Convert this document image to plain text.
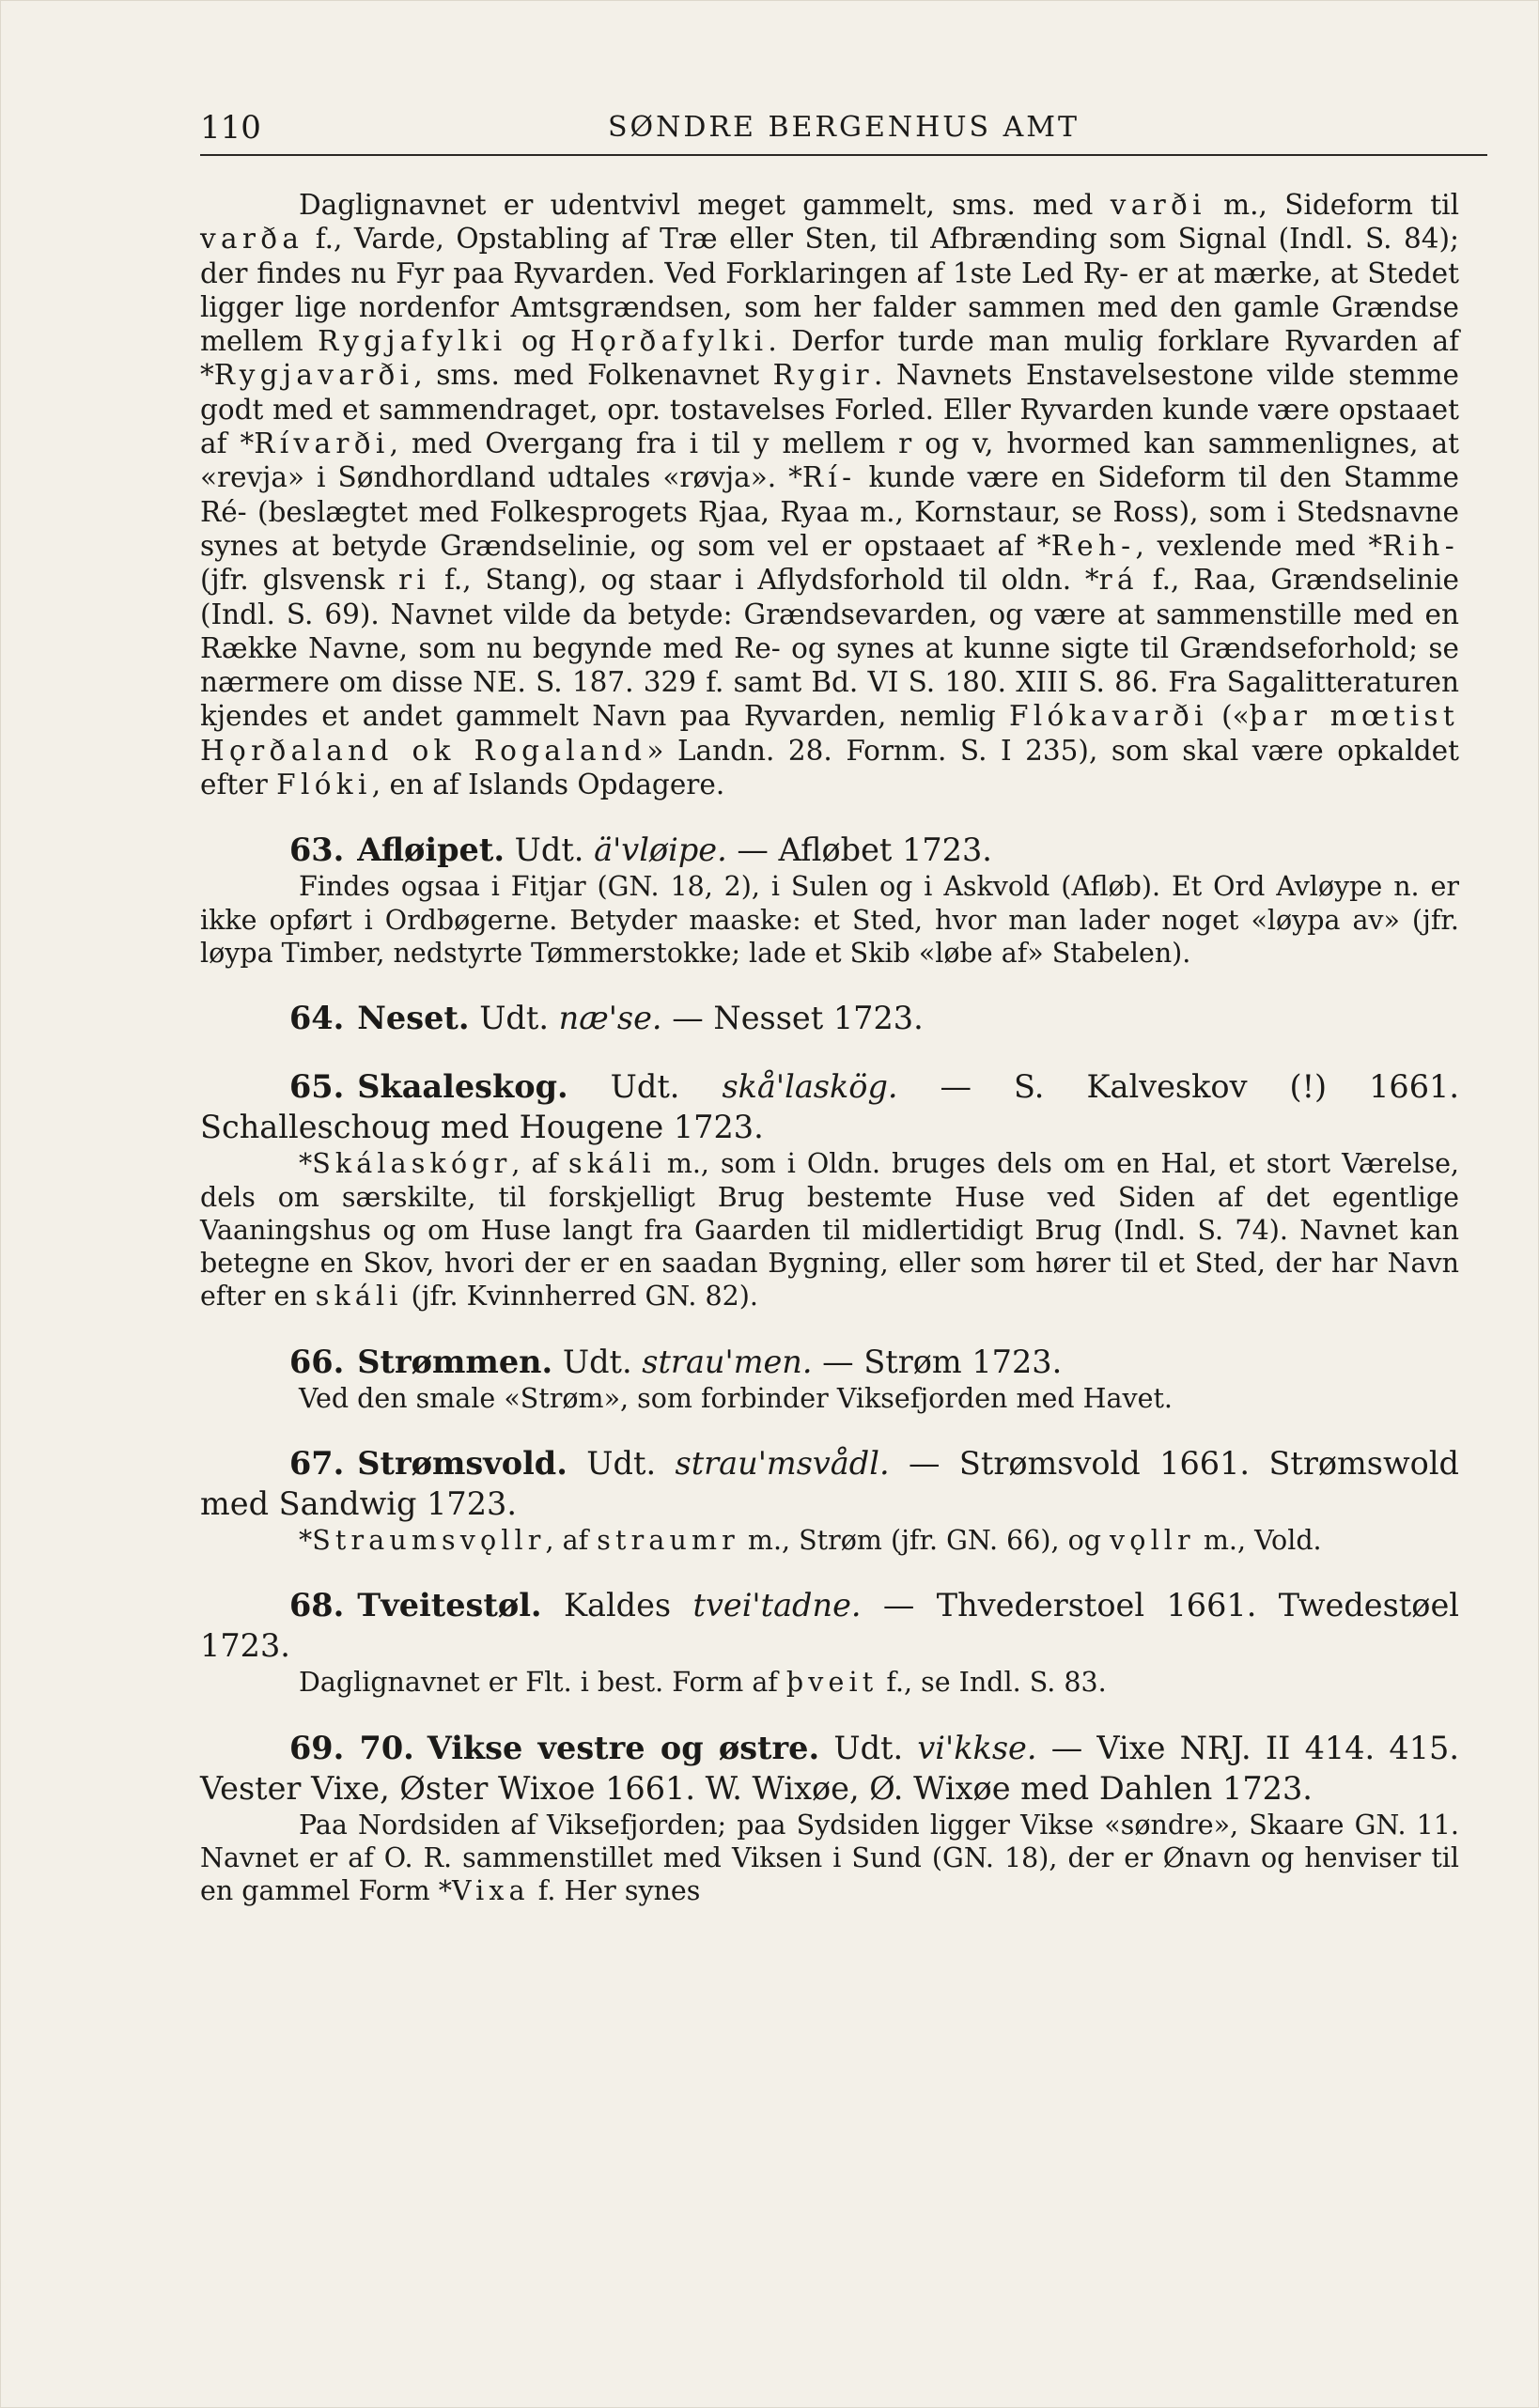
110	SØNDRE BERGENHUS AMT

Daglignavnet er udentvivl meget gammelt, sms. med varði m., Sideform til varða f., Varde, Opstabling af Træ eller Sten, til Afbrænding som Signal (Indl. S. 84); der findes nu Fyr paa Ryvarden. Ved Forklaringen af 1ste Led Ry- er at mærke, at Stedet ligger lige nordenfor Amtsgrændsen, som her falder sammen med den gamle Grændse mellem Rygjafylki og Hǫrðafylki. Derfor turde man mulig forklare Ryvarden af *Rygjavarði, sms. med Folkenavnet Rygir. Navnets Enstavelsestone vilde stemme godt med et sammendraget, opr. tostavelses Forled. Eller Ryvarden kunde være opstaaet af *Rívarði, med Overgang fra i til y mellem r og v, hvormed kan sammenlignes, at «revja» i Søndhordland udtales «røvja». *Rí- kunde være en Sideform til den Stamme Ré- (beslægtet med Folkesprogets Rjaa, Ryaa m., Kornstaur, se Ross), som i Stedsnavne synes at betyde Grændselinie, og som vel er opstaaet af *Reh-, vexlende med *Rih- (jfr. glsvensk ri f., Stang), og staar i Aflydsforhold til oldn. *rá f., Raa, Grændselinie (Indl. S. 69). Navnet vilde da betyde: Grændsevarden, og være at sammenstille med en Række Navne, som nu begynde med Re- og synes at kunne sigte til Grændseforhold; se nærmere om disse NE. S. 187. 329 f. samt Bd. VI S. 180. XIII S. 86. Fra Sagalitteraturen kjendes et andet gammelt Navn paa Ryvarden, nemlig Flókavarði («þar mœtist Hǫrðaland ok Rogaland» Landn. 28. Fornm. S. I 235), som skal være opkaldet efter Flóki, en af Islands Opdagere.

63. Afløipet. Udt. ä'vløipe. — Afløbet 1723.

Findes ogsaa i Fitjar (GN. 18, 2), i Sulen og i Askvold (Afløb). Et Ord Avløype n. er ikke opført i Ordbøgerne. Betyder maaske: et Sted, hvor man lader noget «løypa av» (jfr. løypa Timber, nedstyrte Tømmerstokke; lade et Skib «løbe af» Stabelen).

64. Neset. Udt. næ'se. — Nesset 1723.

65. Skaaleskog. Udt. skå'laskög. — S. Kalveskov (!) 1661. Schalleschoug med Hougene 1723.

*Skálaskógr, af skáli m., som i Oldn. bruges dels om en Hal, et stort Værelse, dels om særskilte, til forskjelligt Brug bestemte Huse ved Siden af det egentlige Vaaningshus og om Huse langt fra Gaarden til midlertidigt Brug (Indl. S. 74). Navnet kan betegne en Skov, hvori der er en saadan Bygning, eller som hører til et Sted, der har Navn efter en skáli (jfr. Kvinnherred GN. 82).

66. Strømmen. Udt. strau'men. — Strøm 1723.

Ved den smale «Strøm», som forbinder Viksefjorden med Havet.

67. Strømsvold. Udt. strau'msvådl. — Strømsvold 1661. Strømswold med Sandwig 1723.

*Straumsvǫllr, af straumr m., Strøm (jfr. GN. 66), og vǫllr m., Vold.

68. Tveitestøl. Kaldes tvei'tadne. — Thvederstoel 1661. Twedestøel 1723.

Daglignavnet er Flt. i best. Form af þveit f., se Indl. S. 83.

69. 70. Vikse vestre og østre. Udt. vi'kkse. — Vixe NRJ. II 414. 415. Vester Vixe, Øster Wixoe 1661. W. Wixøe, Ø. Wixøe med Dahlen 1723.

Paa Nordsiden af Viksefjorden; paa Sydsiden ligger Vikse «søndre», Skaare GN. 11. Navnet er af O. R. sammenstillet med Viksen i Sund (GN. 18), der er Ønavn og henviser til en gammel Form *Vixa f. Her synes
